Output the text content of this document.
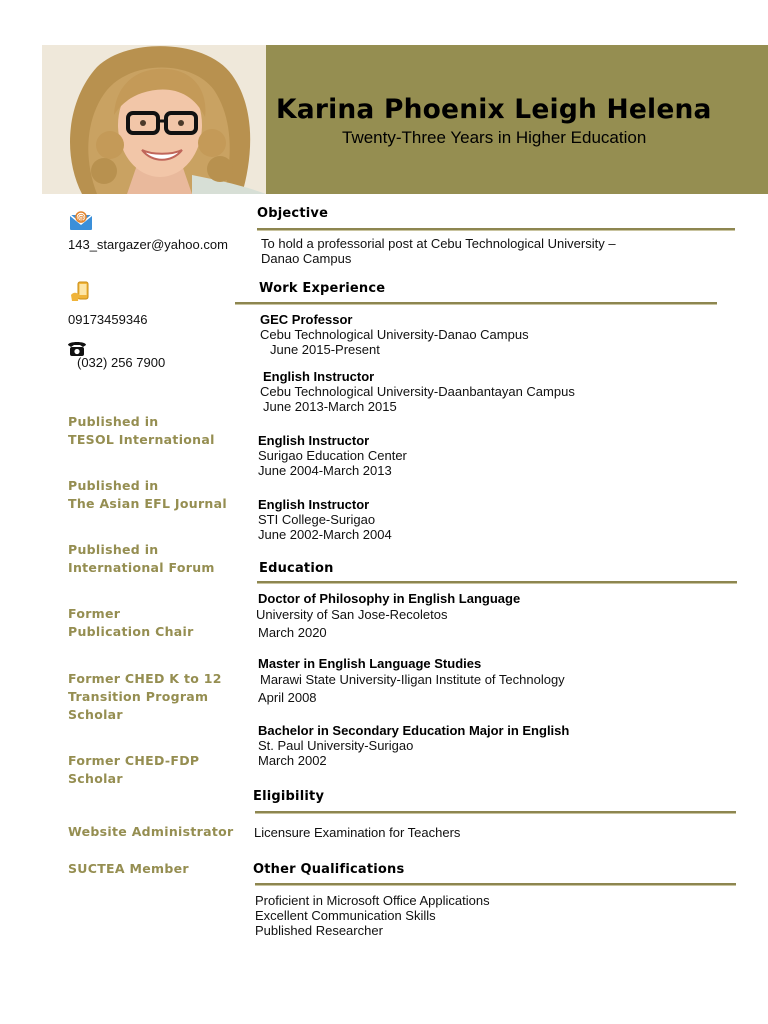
Karina Phoenix Leigh Helena
Twenty-Three Years in Higher Education
@
143_stargazer@yahoo.com
09173459346
(032) 256 7900
Published in
TESOL International
Published in
The Asian EFL Journal
Published in
International Forum
Former
Publication Chair
Former CHED K to 12
Transition Program
Scholar
Former CHED-FDP
Scholar
Website Administrator
SUCTEA Member
Objective
To hold a professorial post at Cebu Technological University –
Danao Campus
Work Experience
GEC Professor
Cebu Technological University-Danao Campus
June 2015-Present
English Instructor
Cebu Technological University-Daanbantayan Campus
June 2013-March 2015
English Instructor
Surigao Education Center
June 2004-March 2013
English Instructor
STI College-Surigao
June 2002-March 2004
Education
Doctor of Philosophy in English Language
University of San Jose-Recoletos
March 2020
Master in English Language Studies
Marawi State University-Iligan Institute of Technology
April 2008
Bachelor in Secondary Education Major in English
St. Paul University-Surigao
March 2002
Eligibility
Licensure Examination for Teachers
Other Qualifications
Proficient in Microsoft Office Applications
Excellent Communication Skills
Published Researcher
